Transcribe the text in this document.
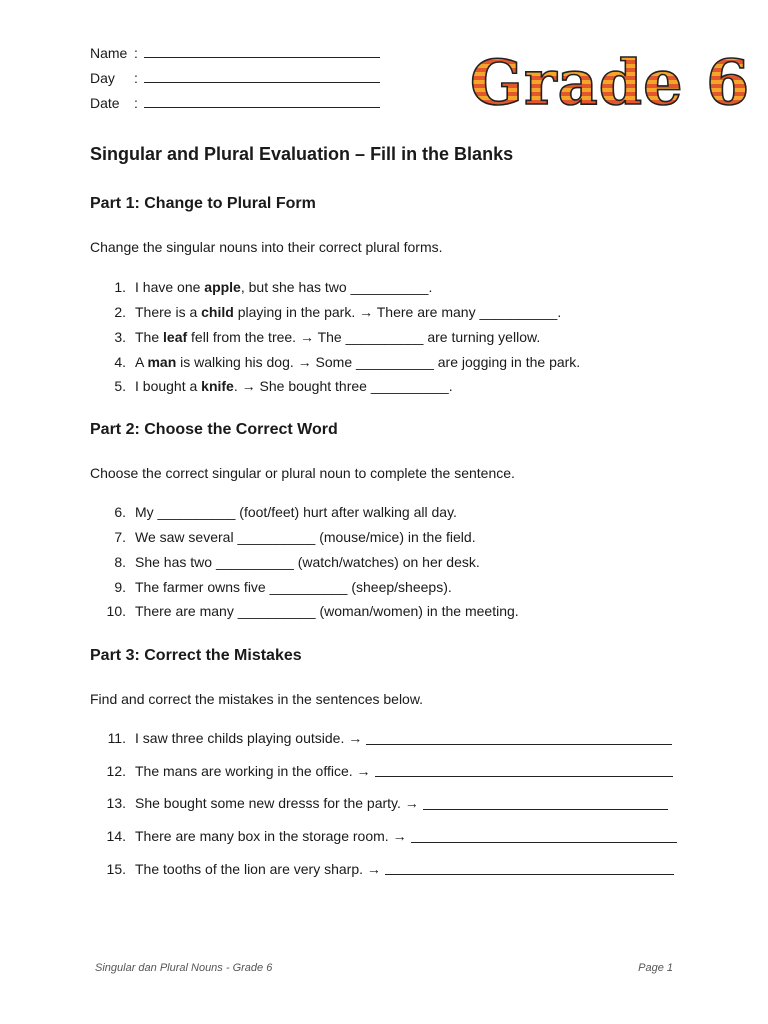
Name :
Day	:
Date	:	Grade 6
Singular and Plural Evaluation – Fill in the Blanks
Part 1: Change to Plural Form
Change the singular nouns into their correct plural forms.
1. I have one apple, but she has two __________.
2. There is a child playing in the park. → There are many __________.
3. The leaf fell from the tree. → The __________ are turning yellow.
4. A man is walking his dog. → Some __________ are jogging in the park.
5. I bought a knife. → She bought three __________.
Part 2: Choose the Correct Word
Choose the correct singular or plural noun to complete the sentence.
6. My __________ (foot/feet) hurt after walking all day.
7. We saw several __________ (mouse/mice) in the field.
8. She has two __________ (watch/watches) on her desk.
9. The farmer owns five __________ (sheep/sheeps).
10. There are many __________ (woman/women) in the meeting.
Part 3: Correct the Mistakes
Find and correct the mistakes in the sentences below.
11. I saw three childs playing outside. →
12. The mans are working in the office. →
13. She bought some new dresss for the party. →
14. There are many box in the storage room. →
15. The tooths of the lion are very sharp. →
Singular dan Plural Nouns - Grade 6	Page 1
